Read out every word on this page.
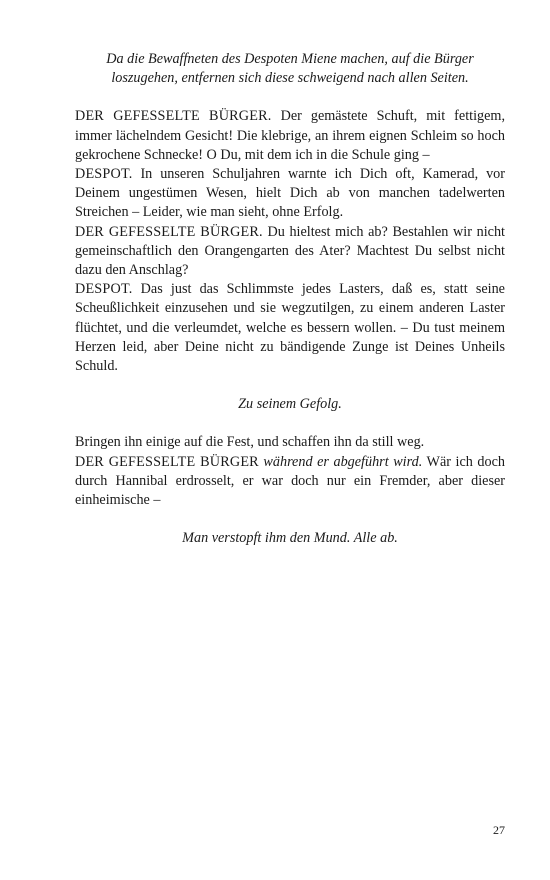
Da die Bewaffneten des Despoten Miene machen, auf die Bürger loszugehen, entfernen sich diese schweigend nach allen Seiten.

DER GEFESSELTE BÜRGER. Der gemästete Schuft, mit fettigem, immer lächelndem Gesicht! Die klebrige, an ihrem eignen Schleim so hoch gekrochene Schnecke! O Du, mit dem ich in die Schule ging –

DESPOT. In unseren Schuljahren warnte ich Dich oft, Kamerad, vor Deinem ungestümen Wesen, hielt Dich ab von manchen tadelwerten Streichen – Leider, wie man sieht, ohne Erfolg.

DER GEFESSELTE BÜRGER. Du hieltest mich ab? Bestahlen wir nicht gemeinschaftlich den Orangengarten des Ater? Machtest Du selbst nicht dazu den Anschlag?

DESPOT. Das just das Schlimmste jedes Lasters, daß es, statt seine Scheußlichkeit einzusehen und sie wegzutilgen, zu einem anderen Laster flüchtet, und die verleumdet, welche es bessern wollen. – Du tust meinem Herzen leid, aber Deine nicht zu bändigende Zunge ist Deines Unheils Schuld.

Zu seinem Gefolg.

Bringen ihn einige auf die Fest, und schaffen ihn da still weg.

DER GEFESSELTE BÜRGER während er abgeführt wird. Wär ich doch durch Hannibal erdrosselt, er war doch nur ein Fremder, aber dieser einheimische –

Man verstopft ihm den Mund. Alle ab.

27
